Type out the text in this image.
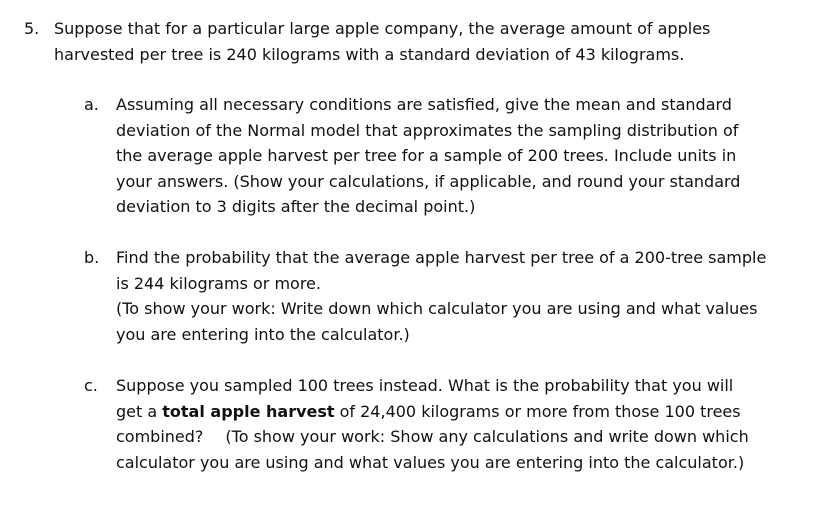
5. Suppose that for a particular large apple company, the average amount of apples
harvested per tree is 240 kilograms with a standard deviation of 43 kilograms.
a.	Assuming all necessary conditions are satisfied, give the mean and standard
deviation of the Normal model that approximates the sampling distribution of
the average apple harvest per tree for a sample of 200 trees. Include units in
your answers. (Show your calculations, if applicable, and round your standard
deviation to 3 digits after the decimal point.)
b.	Find the probability that the average apple harvest per tree of a 200-tree sample
is 244 kilograms or more.
(To show your work: Write down which calculator you are using and what values
you are entering into the calculator.)
c.	Suppose you sampled 100 trees instead. What is the probability that you will
get a total apple harvest of 24,400 kilograms or more from those 100 trees
combined? (To show your work: Show any calculations and write down which
calculator you are using and what values you are entering into the calculator.)
